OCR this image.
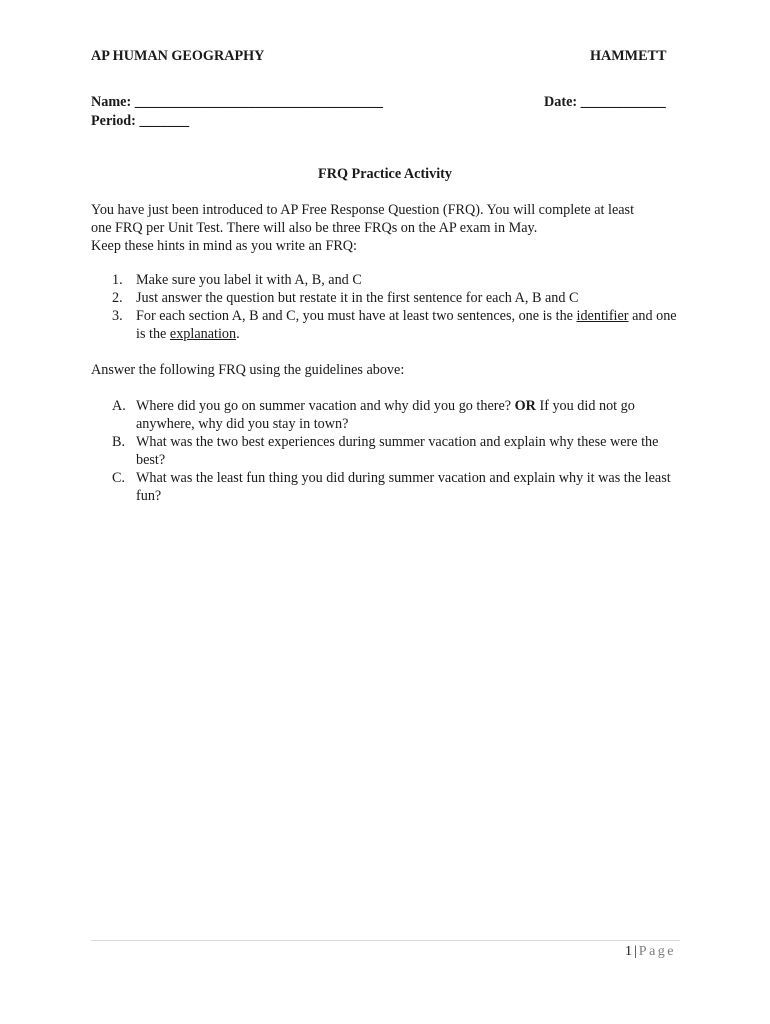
AP HUMAN GEOGRAPHY	HAMMETT
Name: ___________________________________	Date: ____________
Period: _______
FRQ Practice Activity

You have just been introduced to AP Free Response Question (FRQ). You will complete at least
one FRQ per Unit Test. There will also be three FRQs on the AP exam in May.
Keep these hints in mind as you write an FRQ:

1. Make sure you label it with A, B, and C
2. Just answer the question but restate it in the first sentence for each A, B and C
3. For each section A, B and C, you must have at least two sentences, one is the identifier and one is the explanation.

Answer the following FRQ using the guidelines above:

A. Where did you go on summer vacation and why did you go there? OR If you did not go anywhere, why did you stay in town?
B. What was the two best experiences during summer vacation and explain why these were the best?
C. What was the least fun thing you did during summer vacation and explain why it was the least fun?
1 | Page
